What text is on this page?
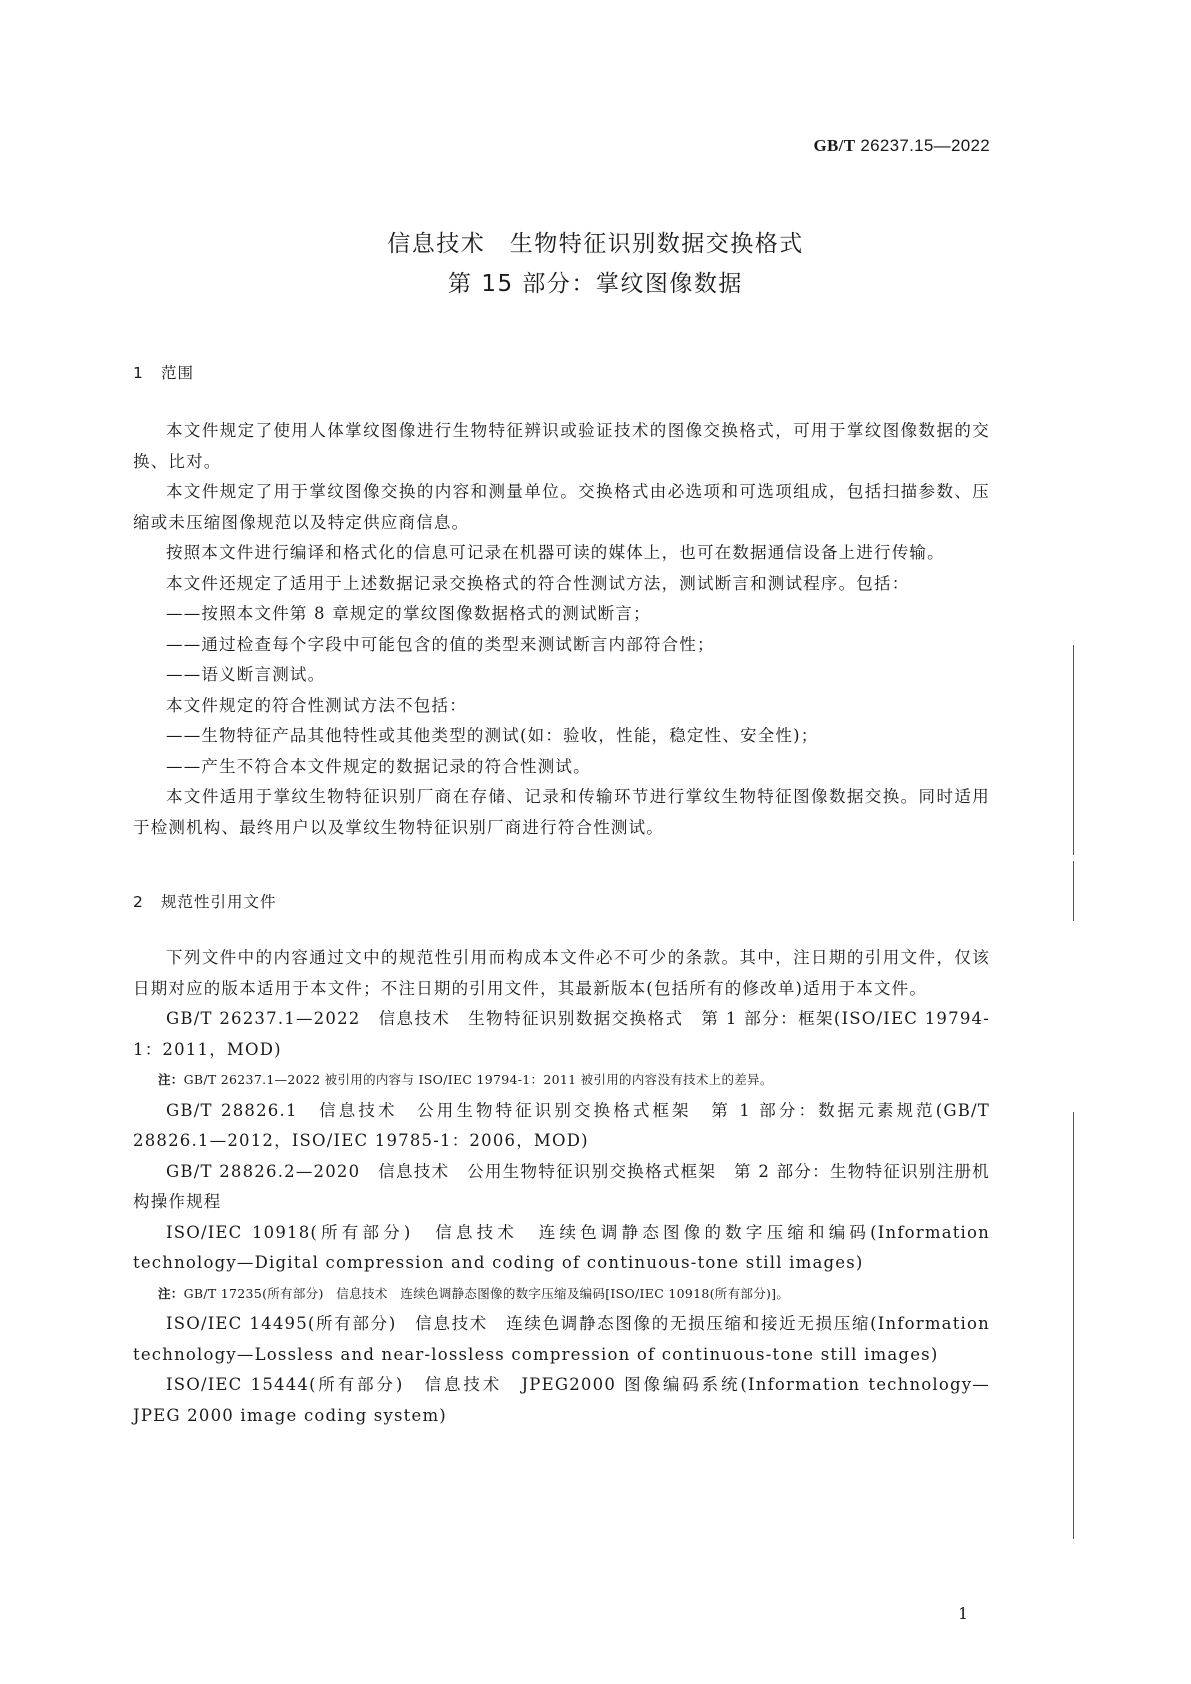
GB/T 26237.15—2022
信息技术　生物特征识别数据交换格式
第 15 部分：掌纹图像数据
1 范围

本文件规定了使用人体掌纹图像进行生物特征辨识或验证技术的图像交换格式，可用于掌纹图像数据的交换、比对。

本文件规定了用于掌纹图像交换的内容和测量单位。交换格式由必选项和可选项组成，包括扫描参数、压缩或未压缩图像规范以及特定供应商信息。

按照本文件进行编译和格式化的信息可记录在机器可读的媒体上，也可在数据通信设备上进行传输。

本文件还规定了适用于上述数据记录交换格式的符合性测试方法，测试断言和测试程序。包括：

——按照本文件第 8 章规定的掌纹图像数据格式的测试断言；

——通过检查每个字段中可能包含的值的类型来测试断言内部符合性；

——语义断言测试。

本文件规定的符合性测试方法不包括：

——生物特征产品其他特性或其他类型的测试(如：验收，性能，稳定性、安全性)；

——产生不符合本文件规定的数据记录的符合性测试。

本文件适用于掌纹生物特征识别厂商在存储、记录和传输环节进行掌纹生物特征图像数据交换。同时适用于检测机构、最终用户以及掌纹生物特征识别厂商进行符合性测试。

2 规范性引用文件

下列文件中的内容通过文中的规范性引用而构成本文件必不可少的条款。其中，注日期的引用文件，仅该日期对应的版本适用于本文件；不注日期的引用文件，其最新版本(包括所有的修改单)适用于本文件。

GB/T 26237.1—2022　信息技术　生物特征识别数据交换格式　第 1 部分：框架(ISO/IEC 19794-1：2011，MOD)

注：GB/T 26237.1—2022 被引用的内容与 ISO/IEC 19794-1：2011 被引用的内容没有技术上的差异。

GB/T 28826.1　信息技术　公用生物特征识别交换格式框架　第 1 部分：数据元素规范(GB/T 28826.1—2012，ISO/IEC 19785-1：2006，MOD)

GB/T 28826.2—2020　信息技术　公用生物特征识别交换格式框架　第 2 部分：生物特征识别注册机构操作规程

ISO/IEC 10918(所有部分)　信息技术　连续色调静态图像的数字压缩和编码(Information technology—Digital compression and coding of continuous-tone still images)

注：GB/T 17235(所有部分)　信息技术　连续色调静态图像的数字压缩及编码[ISO/IEC 10918(所有部分)]。

ISO/IEC 14495(所有部分)　信息技术　连续色调静态图像的无损压缩和接近无损压缩(Information technology—Lossless and near-lossless compression of continuous-tone still images)

ISO/IEC 15444(所有部分)　信息技术　JPEG2000 图像编码系统(Information technology—JPEG 2000 image coding system)

1
